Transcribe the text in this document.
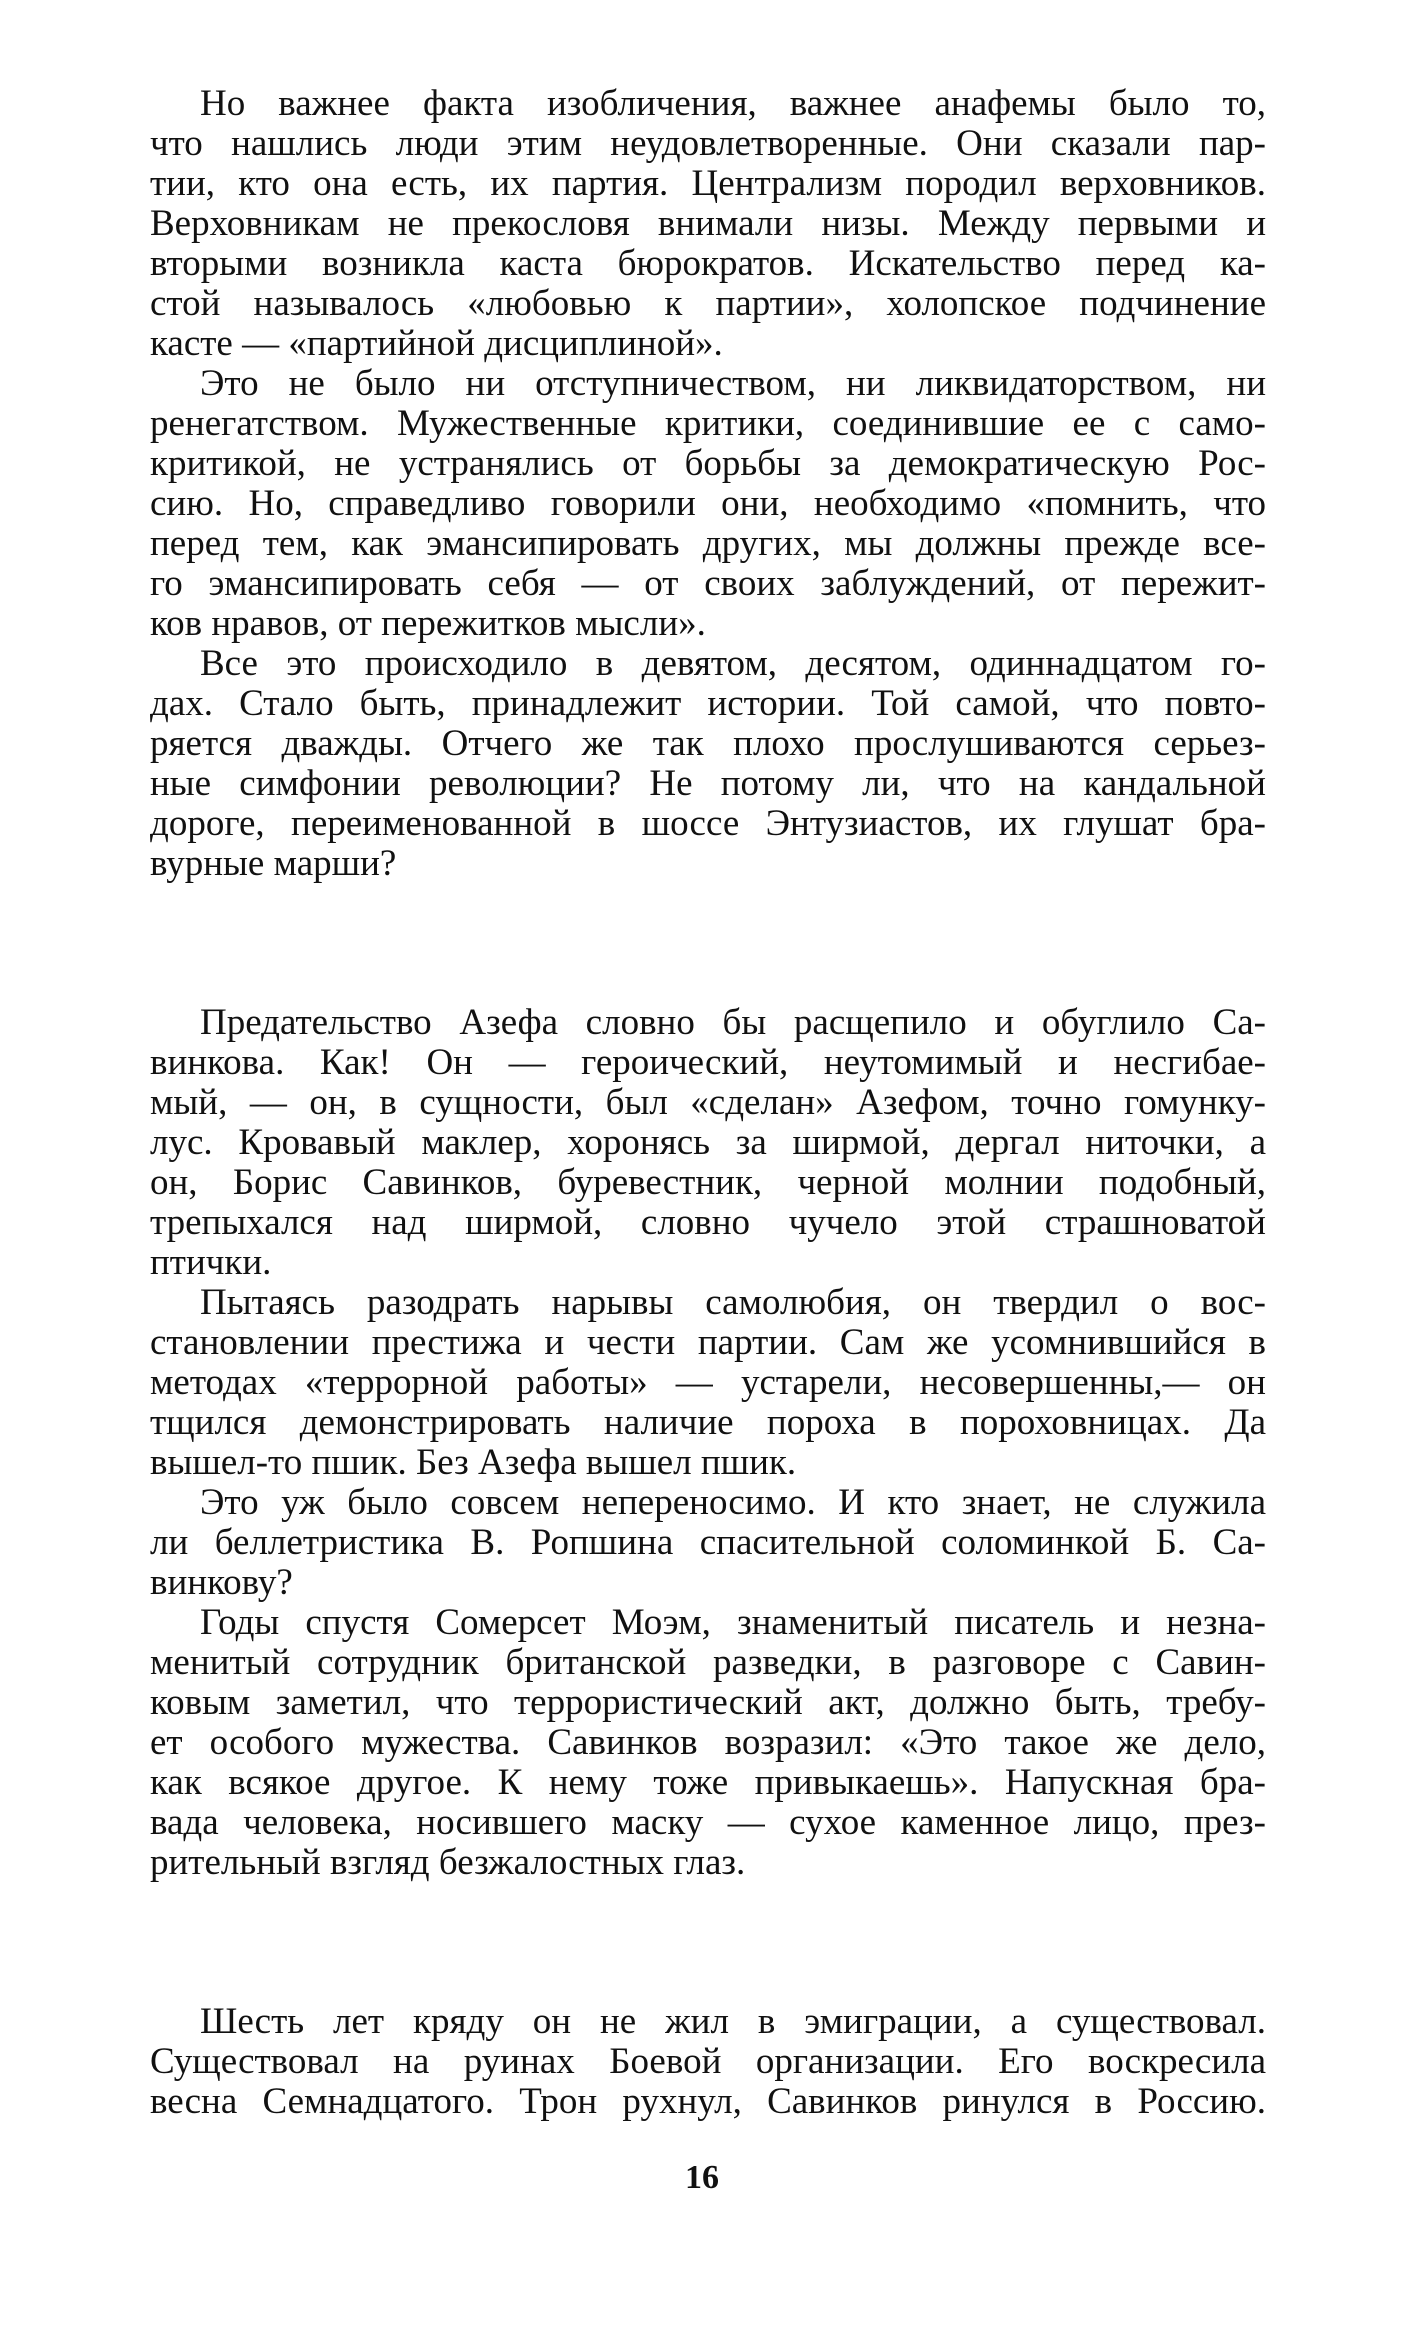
Но важнее факта изобличения, важнее анафемы было то,

что нашлись люди этим неудовлетворенные. Они сказали пар-

тии, кто она есть, их партия. Централизм породил верховников.

Верховникам не прекословя внимали низы. Между первыми и

вторыми возникла каста бюрократов. Искательство перед ка-

стой называлось «любовью к партии», холопское подчинение

касте — «партийной дисциплиной».

Это не было ни отступничеством, ни ликвидаторством, ни

ренегатством. Мужественные критики, соединившие ее с само-

критикой, не устранялись от борьбы за демократическую Рос-

сию. Но, справедливо говорили они, необходимо «помнить, что

перед тем, как эмансипировать других, мы должны прежде все-

го эмансипировать себя — от своих заблуждений, от пережит-

ков нравов, от пережитков мысли».

Все это происходило в девятом, десятом, одиннадцатом го-

дах. Стало быть, принадлежит истории. Той самой, что повто-

ряется дважды. Отчего же так плохо прослушиваются серьез-

ные симфонии революции? Не потому ли, что на кандальной

дороге, переименованной в шоссе Энтузиастов, их глушат бра-

вурные марши?

Предательство Азефа словно бы расщепило и обуглило Са-

винкова. Как! Он — героический, неутомимый и несгибае-

мый, — он, в сущности, был «сделан» Азефом, точно гомунку-

лус. Кровавый маклер, хоронясь за ширмой, дергал ниточки, а

он, Борис Савинков, буревестник, черной молнии подобный,

трепыхался над ширмой, словно чучело этой страшноватой

птички.

Пытаясь разодрать нарывы самолюбия, он твердил о вос-

становлении престижа и чести партии. Сам же усомнившийся в

методах «террорной работы» — устарели, несовершенны,— он

тщился демонстрировать наличие пороха в пороховницах. Да

вышел-то пшик. Без Азефа вышел пшик.

Это уж было совсем непереносимо. И кто знает, не служила

ли беллетристика В. Ропшина спасительной соломинкой Б. Са-

винкову?

Годы спустя Сомерсет Моэм, знаменитый писатель и незна-

менитый сотрудник британской разведки, в разговоре с Савин-

ковым заметил, что террористический акт, должно быть, требу-

ет особого мужества. Савинков возразил: «Это такое же дело,

как всякое другое. К нему тоже привыкаешь». Напускная бра-

вада человека, носившего маску — сухое каменное лицо, през-

рительный взгляд безжалостных глаз.

Шесть лет кряду он не жил в эмиграции, а существовал.

Существовал на руинах Боевой организации. Его воскресила

весна Семнадцатого. Трон рухнул, Савинков ринулся в Россию.

16
